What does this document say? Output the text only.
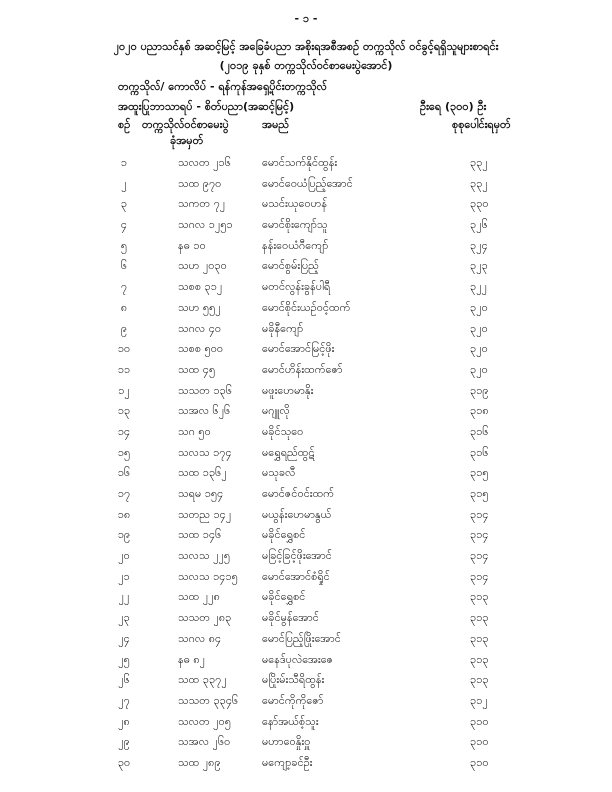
- ၁ -
၂၀၂၀ ပညာသင်နှစ် အဆင့်မြင့် အခြေခံပညာ အစိုးရအစီအစဉ် တက္ကသိုလ် ဝင်ခွင့်ရရှိသူများစာရင်း
(၂၀၁၉ ခုနှစ် တက္ကသိုလ်ဝင်စာမေးပွဲအောင်)
တက္ကသိုလ်/ ကောလိပ် - ရန်ကုန်အရှေ့ပိုင်းတက္ကသိုလ်
အထူးပြုဘာသာရပ် - စိတ်ပညာ(အဆင့်မြင့်)	ဦးရေ (၃၀၀) ဦး
စဉ် တက္ကသိုလ်ဝင်စာမေးပွဲ	အမည်	စုစုပေါင်းရမှတ်
ခုံအမှတ်
၁	သလတ ၂၁၆	မောင်သက်နိုင်ထွန်း	၃၃၂
၂	သထ ၉၇၀	မောင်ဝေယံပြည့်အောင်	၃၃၂
၃	သကတ ၇၂	မသင်းယုဝေဟန်	၃၃၀
၄	သဂလ ၁၂၅၁	မောင်စိုးကျော်သူ	၃၂၆
၅	နဓ ၁၀	နန်းဝေယံဂီကျော်	၃၂၄
၆	သဟ ၂၀၃၀	မောင်စွမ်းပြည့်	၃၂၃
၇	သစစ ၃၁၂	မတင်လွန်းခွန်ပါရီ	၃၂၂
၈	သဟ ၅၅၂	မောင်စိုင်းယဉ်ဝင့်ထက်	၃၂၀
၉	သဂလ ၄၀	မခိုနီကျော်	၃၂၀
၁၀	သစစ ၅၀၀	မောင်အောင်မြင့်ဖိုး	၃၂၀
၁၁	သထ ၄၅	မောင်ဟိန်းထက်ဇော်	၃၂၀
၁၂	သသတ ၁၃၆	မဖူးဟေမာနိုး	၃၁၉
၁၃	သအလ ၆၂၆	မဂျူလို	၃၁၈
၁၄	သဂ ၅၀	မခိုင်သုဝေ	၃၁၆
၁၅	သလသ ၁၇၄	မရွှေရည်ထွဋ်	၃၁၆
၁၆	သထ ၁၃၆၂	မသုခလီ	၃၁၅
၁၇	သရမ ၁၅၄	မောင်ဇင်ဝင်းထက်	၃၁၅
၁၈	သတည ၁၄၂	မယွန်းဟေမာနွယ်	၃၁၄
၁၉	သထ ၁၄၆	မခိုင်ရွှေစင်	၃၁၄
၂၀	သလသ ၂၂၅	မခြင့်ခြင့်ဖိုးအောင်	၃၁၄
၂၁	သလသ ၁၄၁၅ မောင်အောင်စံရှိုင်	၃၁၄
၂၂	သထ ၂၂၈	မခိုင်ရွှေစင်	၃၁၃
၂၃	သသတ ၂၈၃	မခိုင်မွန်အောင်	၃၁၃
၂၄	သဂလ ၈၄	မောင်ပြည့်ဖြိုးအောင်	၃၁၃
၂၅	နဓ ၈၂	မနေဒ်ပုလဲအေးဇေ	၃၁၃
၂၆	သထ ၃၃၇၂	မပြိုးမ်းသီရိထွန်း	၃၁၃
၂၇	သသတ ၃၃၄၆ မောင်ကိုကိုဇော်	၃၁၂
၂၈	သလတ ၂၀၅	နော်အယ်စ့်သူး	၃၁၀
၂၉	သအလ ၂၆၀	မဟာဝေနှိုးဝှူ	၃၁၀
၃၀	သထ ၂၈၉	မကျော့ခင်ဦး	၃၁၀
